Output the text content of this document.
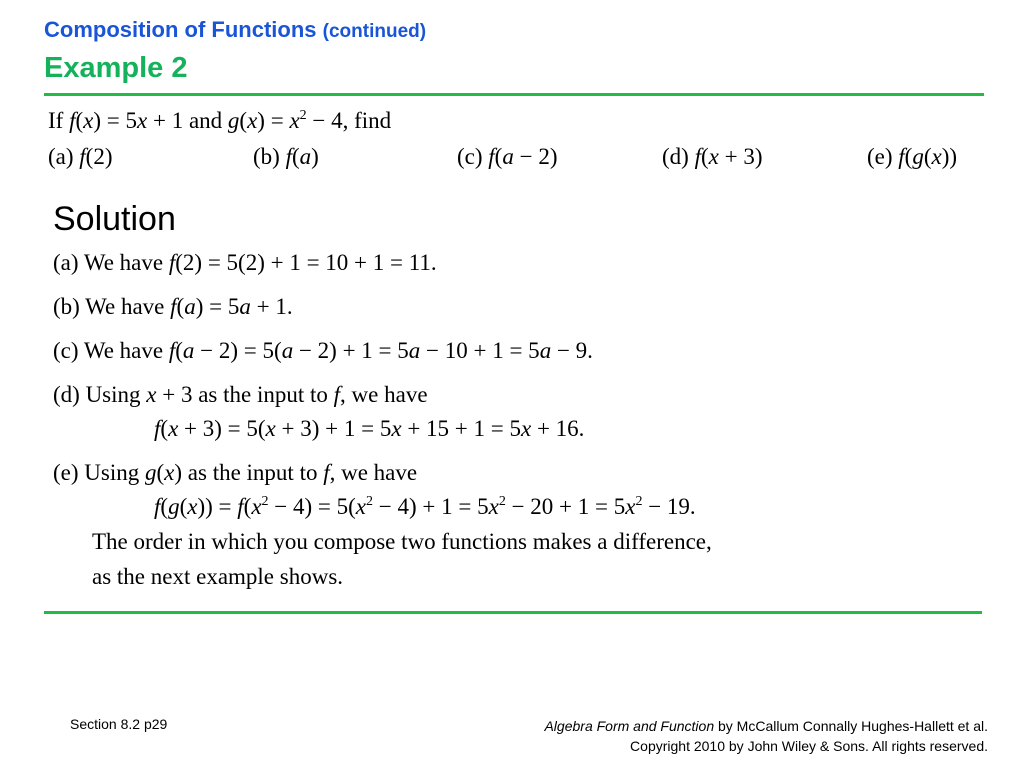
Composition of Functions (continued)
Example 2
If f(x) = 5x + 1 and $g(x) = x^2 - 4$, find
(a) f(2)	(b) f(a)	(c) f(a − 2)	(d) f(x + 3)	(e) f(g(x))
Solution
(a) We have f(2) = 5(2) + 1 = 10 + 1 = 11.
(b) We have f(a) = 5a + 1.
(c) We have f(a − 2) = 5(a − 2) + 1 = 5a − 10 + 1 = 5a − 9.
(d) Using x + 3 as the input to f, we have
f(x + 3) = 5(x + 3) + 1 = 5x + 15 + 1 = 5x + 16.
(e) Using g(x) as the input to f, we have
$f(g(x)) = f(x^2 - 4) = 5(x^2 - 4) + 1 = 5x^2 - 20 + 1 = 5x^2 - 19$.
The order in which you compose two functions makes a difference,
as the next example shows.
Section 8.2 p29	Algebra Form and Function by McCallum Connally Hughes-Hallett et al.
Copyright 2010 by John Wiley & Sons. All rights reserved.
